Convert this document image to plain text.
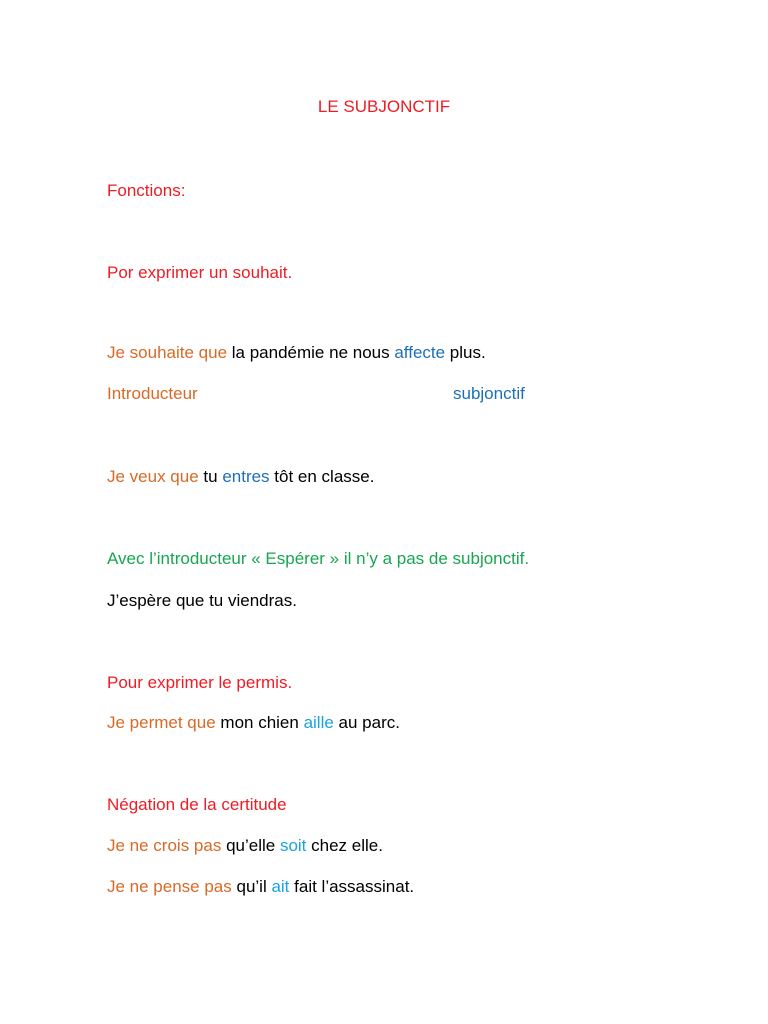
LE SUBJONCTIF
Fonctions:
Por exprimer un souhait.
Je souhaite que la pandémie ne nous affecte plus.
Introducteur	subjonctif
Je veux que tu entres tôt en classe.
Avec l’introducteur « Espérer » il n’y a pas de subjonctif.
J’espère que tu viendras.
Pour exprimer le permis.
Je permet que mon chien aille au parc.
Négation de la certitude
Je ne crois pas qu’elle soit chez elle.
Je ne pense pas qu’il ait fait l’assassinat.
